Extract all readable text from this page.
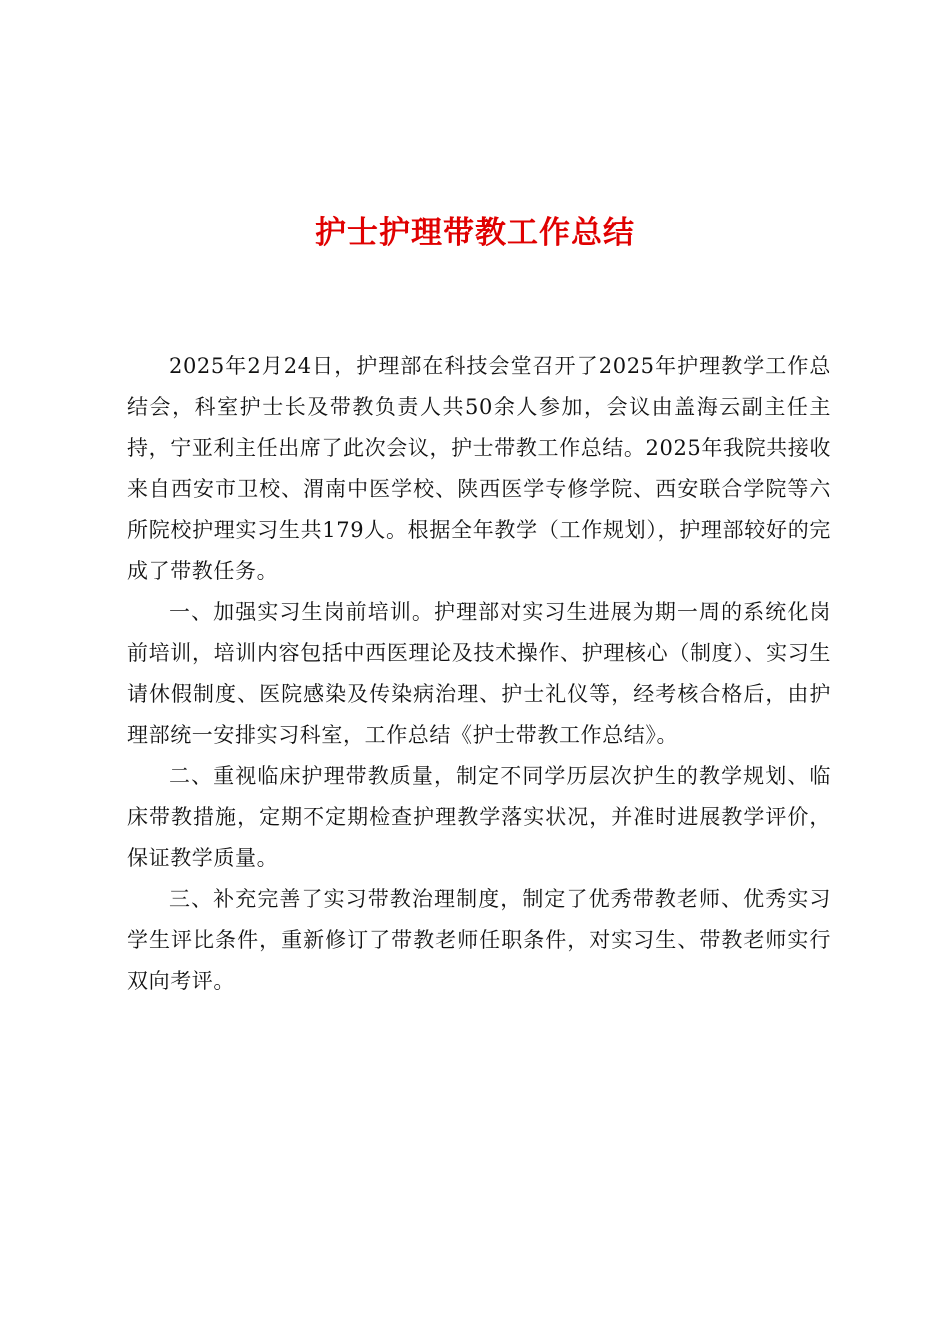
护士护理带教工作总结

2025年2月24日，护理部在科技会堂召开了2025年护理教学工作总结会，科室护士长及带教负责人共50余人参加，会议由盖海云副主任主持，宁亚利主任出席了此次会议，护士带教工作总结。2025年我院共接收来自西安市卫校、渭南中医学校、陕西医学专修学院、西安联合学院等六所院校护理实习生共179人。根据全年教学（工作规划），护理部较好的完成了带教任务。

一、加强实习生岗前培训。护理部对实习生进展为期一周的系统化岗前培训，培训内容包括中西医理论及技术操作、护理核心（制度）、实习生请休假制度、医院感染及传染病治理、护士礼仪等，经考核合格后，由护理部统一安排实习科室，工作总结《护士带教工作总结》。

二、重视临床护理带教质量，制定不同学历层次护生的教学规划、临床带教措施，定期不定期检查护理教学落实状况，并准时进展教学评价，保证教学质量。

三、补充完善了实习带教治理制度，制定了优秀带教老师、优秀实习学生评比条件，重新修订了带教老师任职条件，对实习生、带教老师实行双向考评。
